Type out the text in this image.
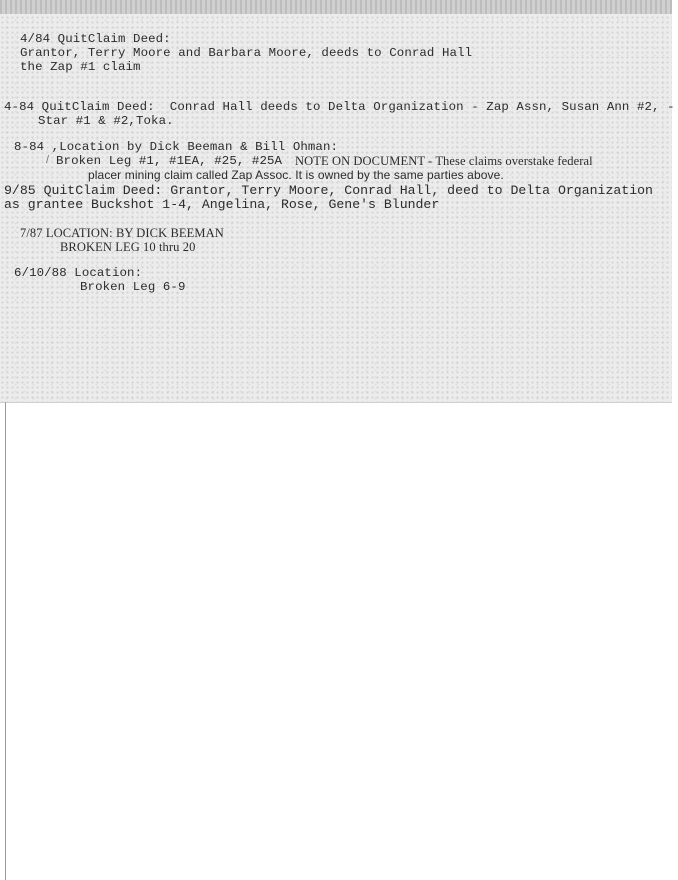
4/84 QuitClaim Deed:
Grantor, Terry Moore and Barbara Moore, deeds to Conrad Hall
the Zap #1 claim
4-84 QuitClaim Deed:  Conrad Hall deeds to Delta Organization - Zap Assn, Susan Ann #2, -
Star #1 & #2,Toka.
8-84 ,Location by Dick Beeman & Bill Ohman:
/ Broken Leg #1, #1EA, #25, #25A NOTE ON DOCUMENT - These claims overstake federal
placer mining claim called Zap Assoc. It is owned by the same parties above.
9/85 QuitClaim Deed: Grantor, Terry Moore, Conrad Hall, deed to Delta Organization
as grantee Buckshot 1-4, Angelina, Rose, Gene's Blunder
7/87 LOCATION: BY DICK BEEMAN
BROKEN LEG 10 thru 20
6/10/88 Location:
Broken Leg 6-9
